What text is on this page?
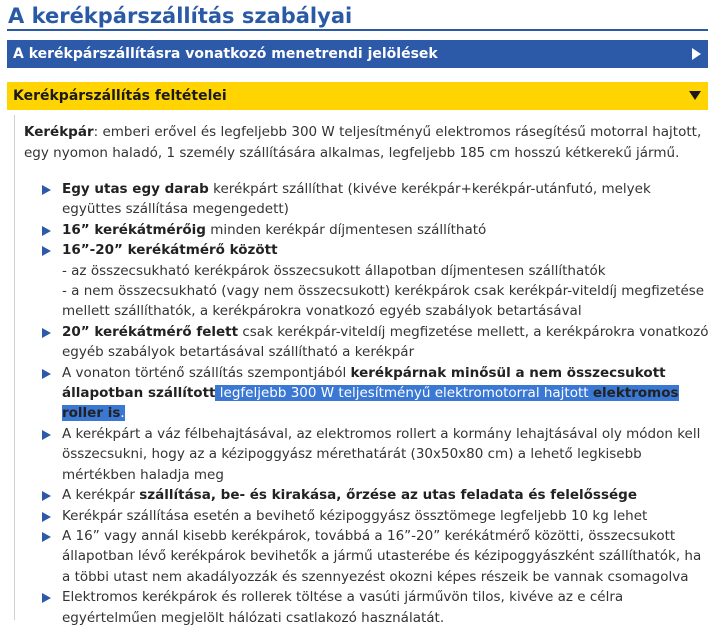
A kerékpárszállítás szabályai
A kerékpárszállításra vonatkozó menetrendi jelölések
Kerékpárszállítás feltételei

Kerékpár: emberi erővel és legfeljebb 300 W teljesítményű elektromos rásegítésű motorral hajtott, egy nyomon haladó, 1 személy szállítására alkalmas, legfeljebb 185 cm hosszú kétkerekű jármű.

Egy utas egy darab kerékpárt szállíthat (kivéve kerékpár+kerékpár-utánfutó, melyek együttes szállítása megengedett)
16” kerékátmérőig minden kerékpár díjmentesen szállítható
16”-20” kerékátmérő között
- az összecsukható kerékpárok összecsukott állapotban díjmentesen szállíthatók
- a nem összecsukható (vagy nem összecsukott) kerékpárok csak kerékpár-viteldíj megfizetése mellett szállíthatók, a kerékpárokra vonatkozó egyéb szabályok betartásával
20” kerékátmérő felett csak kerékpár-viteldíj megfizetése mellett, a kerékpárokra vonatkozó egyéb szabályok betartásával szállítható a kerékpár
A vonaton történő szállítás szempontjából kerékpárnak minősül a nem összecsukott állapotban szállított legfeljebb 300 W teljesítményű elektromotorral hajtott elektromos roller is.
A kerékpárt a váz félbehajtásával, az elektromos rollert a kormány lehajtásával oly módon kell összecsukni, hogy az a kézipoggyász mérethatárát (30x50x80 cm) a lehető legkisebb mértékben haladja meg
A kerékpár szállítása, be- és kirakása, őrzése az utas feladata és felelőssége
Kerékpár szállítása esetén a bevihető kézipoggyász össztömege legfeljebb 10 kg lehet
A 16” vagy annál kisebb kerékpárok, továbbá a 16”-20” kerékátmérő közötti, összecsukott állapotban lévő kerékpárok bevihetők a jármű utasterébe és kézipoggyászként szállíthatók, ha a többi utast nem akadályozzák és szennyezést okozni képes részeik be vannak csomagolva
Elektromos kerékpárok és rollerek töltése a vasúti járművön tilos, kivéve az e célra egyértelműen megjelölt hálózati csatlakozó használatát.
